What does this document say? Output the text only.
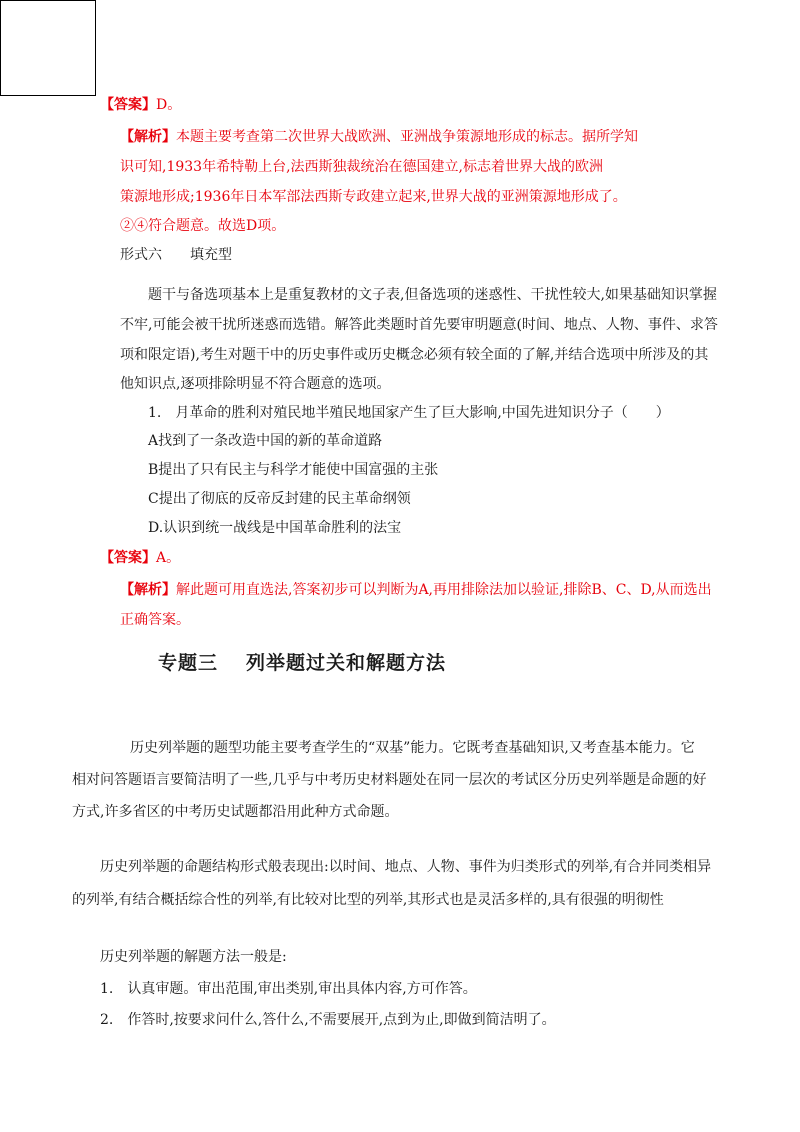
【答案】D。
【解析】本题主要考查第二次世界大战欧洲、亚洲战争策源地形成的标志。据所学知
识可知,1933年希特勒上台,法西斯独裁统治在德国建立,标志着世界大战的欧洲
策源地形成;1936年日本军部法西斯专政建立起来,世界大战的亚洲策源地形成了。
②④符合题意。故选D项。
形式六 填充型
题干与备选项基本上是重复教材的文子表,但备选项的迷惑性、干扰性较大,如果基础知识掌握
不牢,可能会被干扰所迷惑而选错。解答此类题时首先要审明题意(时间、地点、人物、事件、求答
项和限定语),考生对题干中的历史事件或历史概念必须有较全面的了解,并结合选项中所涉及的其
他知识点,逐项排除明显不符合题意的选项。
1.　月革命的胜利对殖民地半殖民地国家产生了巨大影响,中国先进知识分子（　　）
A找到了一条改造中国的新的革命道路
B提出了只有民主与科学才能使中国富强的主张
C提出了彻底的反帝反封建的民主革命纲领
D.认识到统一战线是中国革命胜利的法宝
【答案】A。
【解析】解此题可用直选法,答案初步可以判断为A,再用排除法加以验证,排除B、C、D,从而选出
正确答案。
专题三 列举题过关和解题方法
历史列举题的题型功能主要考查学生的“双基”能力。它既考查基础知识,又考查基本能力。它
相对问答题语言要简洁明了一些,几乎与中考历史材料题处在同一层次的考试区分历史列举题是命题的好
方式,许多省区的中考历史试题都沿用此种方式命题。
历史列举题的命题结构形式般表现出:以时间、地点、人物、事件为归类形式的列举,有合并同类相异
的列举,有结合概括综合性的列举,有比较对比型的列举,其形式也是灵活多样的,具有很强的明彻性
历史列举题的解题方法一般是:
1.　认真审题。审出范围,审出类别,审出具体内容,方可作答。
2.　作答时,按要求问什么,答什么,不需要展开,点到为止,即做到简洁明了。
